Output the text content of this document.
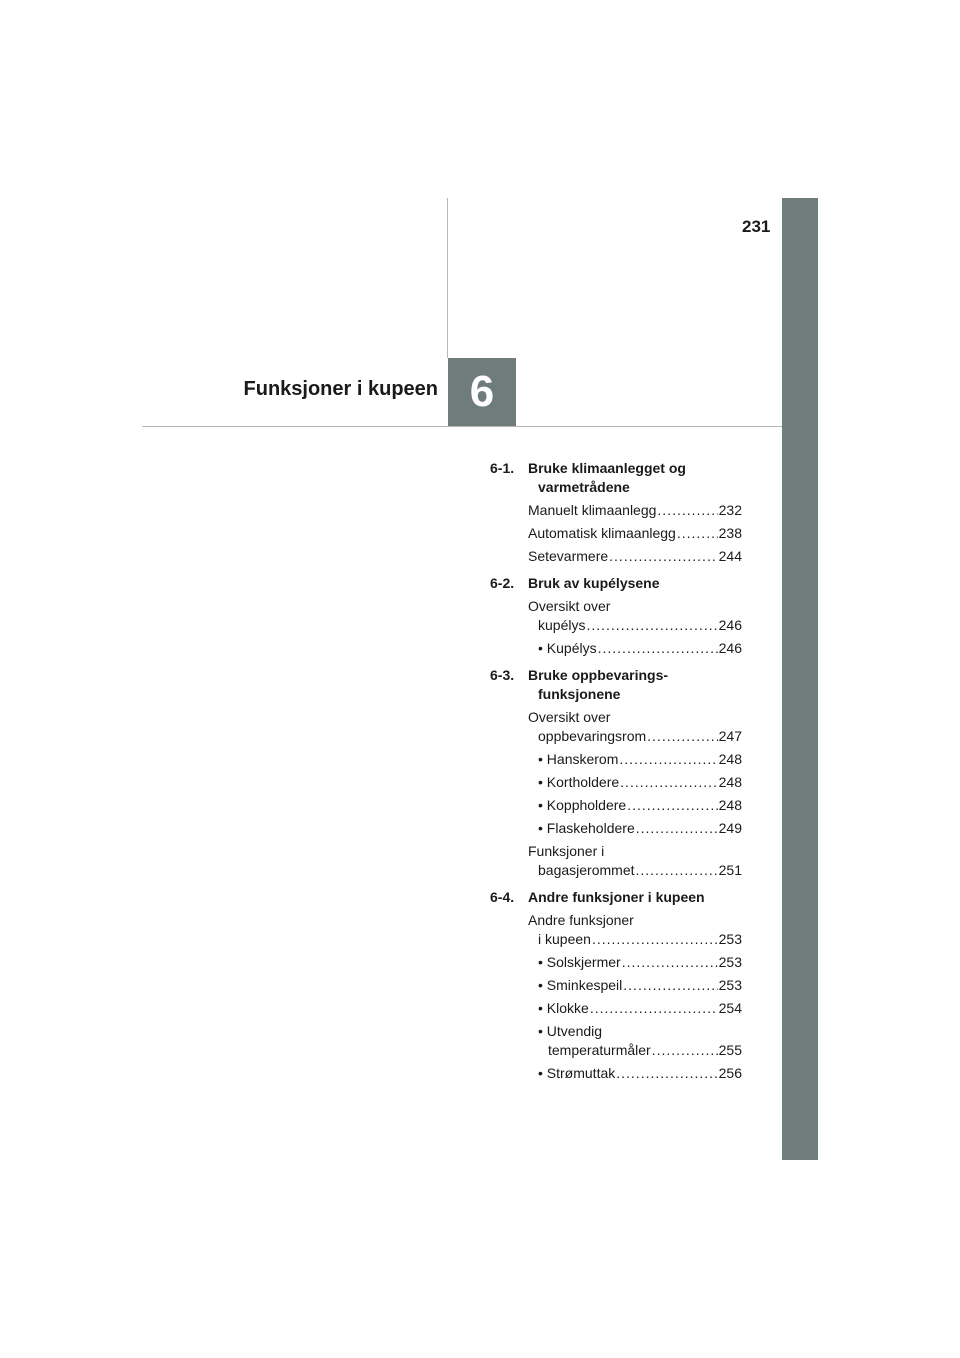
231
Funksjoner i kupeen 6
6-1. Bruke klimaanlegget og
varmetrådene
Manuelt klimaanlegg .....	232
Automatisk klimaanlegg .....	238
Setevarmere .....	244
6-2. Bruk av kupélysene
Oversikt over
kupélys .....	246
• Kupélys .....	246
6-3. Bruke oppbevarings-
funksjonene
Oversikt over
oppbevaringsrom .....	247
• Hanskerom .....	248
• Kortholdere .....	248
• Koppholdere .....	248
• Flaskeholdere .....	249
Funksjoner i
bagasjerommet .....	251
6-4. Andre funksjoner i kupeen
Andre funksjoner
i kupeen .....	253
• Solskjermer .....	253
• Sminkespeil .....	253
• Klokke .....	254
• Utvendig
temperaturmåler .....	255
• Strømuttak .....	256
